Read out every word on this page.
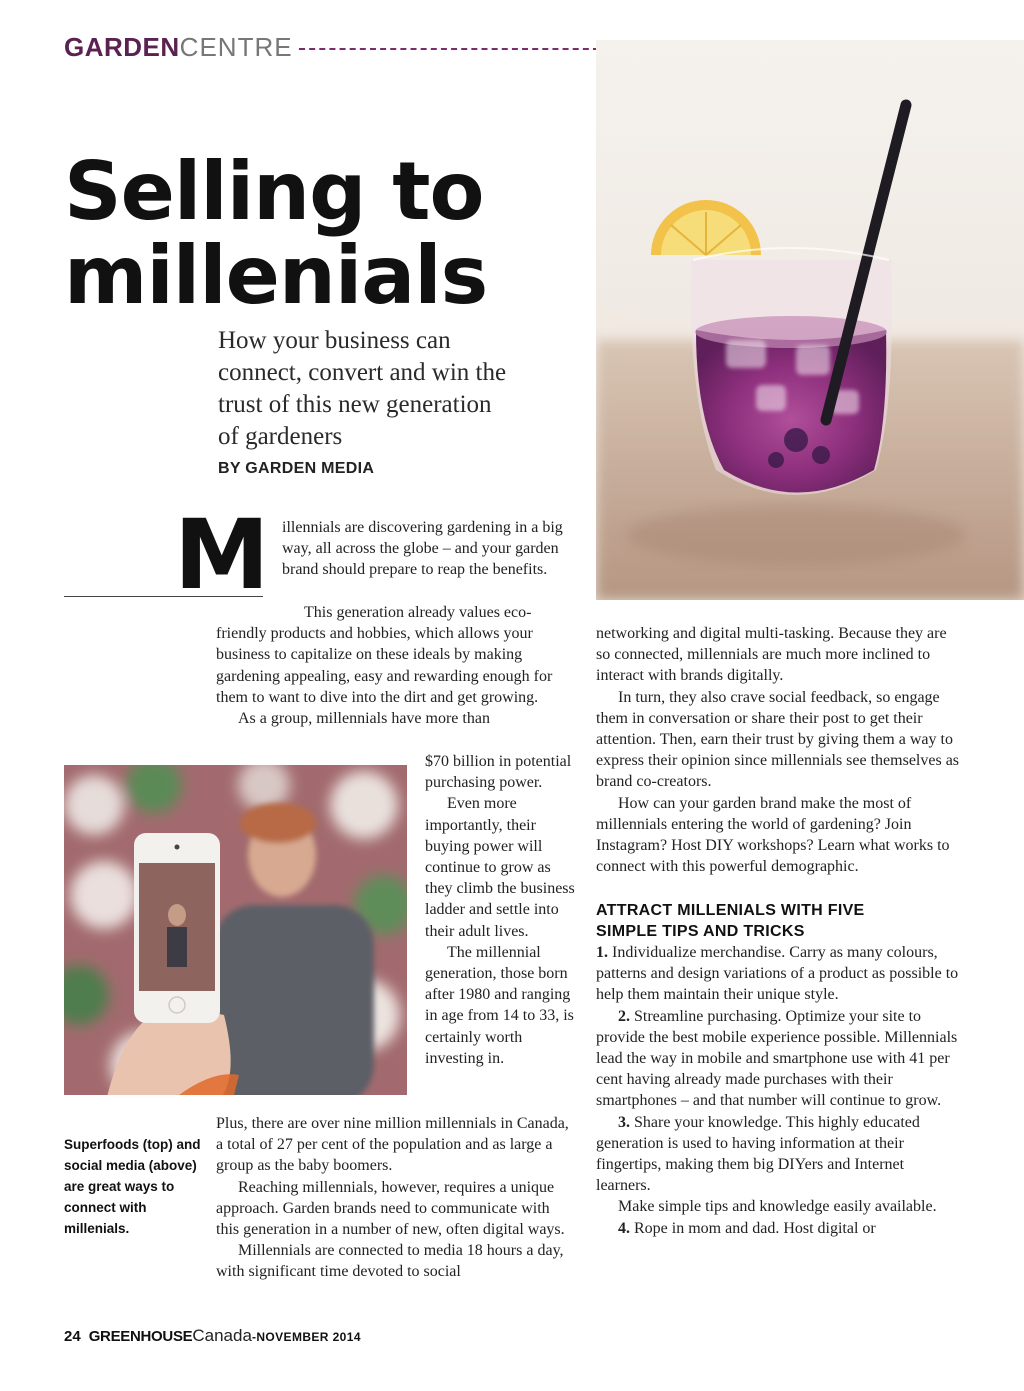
GARDENCENTRE
Selling to
millenials
How your business can connect, convert and win the trust of this new generation of gardeners
BY GARDEN MEDIA
M illennials are discovering gardening in a big way, all across the globe – and your garden brand should prepare to reap the benefits.

This generation already values eco-friendly products and hobbies, which allows your business to capitalize on these ideals by making gardening appealing, easy and rewarding enough for them to want to dive into the dirt and get growing.

As a group, millennials have more than

$70 billion in potential purchasing power.

Even more importantly, their buying power will continue to grow as they climb the business ladder and settle into their adult lives.

The millennial generation, those born after 1980 and ranging in age from 14 to 33, is certainly worth investing in.

Plus, there are over nine million millennials in Canada, a total of 27 per cent of the population and as large a group as the baby boomers.

Reaching millennials, however, requires a unique approach. Garden brands need to communicate with this generation in a number of new, often digital ways.

Millennials are connected to media 18 hours a day, with significant time devoted to social

networking and digital multi-tasking. Because they are so connected, millennials are much more inclined to interact with brands digitally.

In turn, they also crave social feedback, so engage them in conversation or share their post to get their attention. Then, earn their trust by giving them a way to express their opinion since millennials see themselves as brand co-creators.

How can your garden brand make the most of millennials entering the world of gardening? Join Instagram? Host DIY workshops? Learn what works to connect with this powerful demographic.

ATTRACT MILLENIALS WITH FIVE SIMPLE TIPS AND TRICKS

1. Individualize merchandise. Carry as many colours, patterns and design variations of a product as possible to help them maintain their unique style.

2. Streamline purchasing. Optimize your site to provide the best mobile experience possible. Millennials lead the way in mobile and smartphone use with 41 per cent having already made purchases with their smartphones – and that number will continue to grow.

3. Share your knowledge. This highly educated generation is used to having information at their fingertips, making them big DIYers and Internet learners.

Make simple tips and knowledge easily available.

4. Rope in mom and dad. Host digital or

Superfoods (top) and social media (above) are great ways to connect with millenials.
24 GREENHOUSECanada-NOVEMBER 2014
